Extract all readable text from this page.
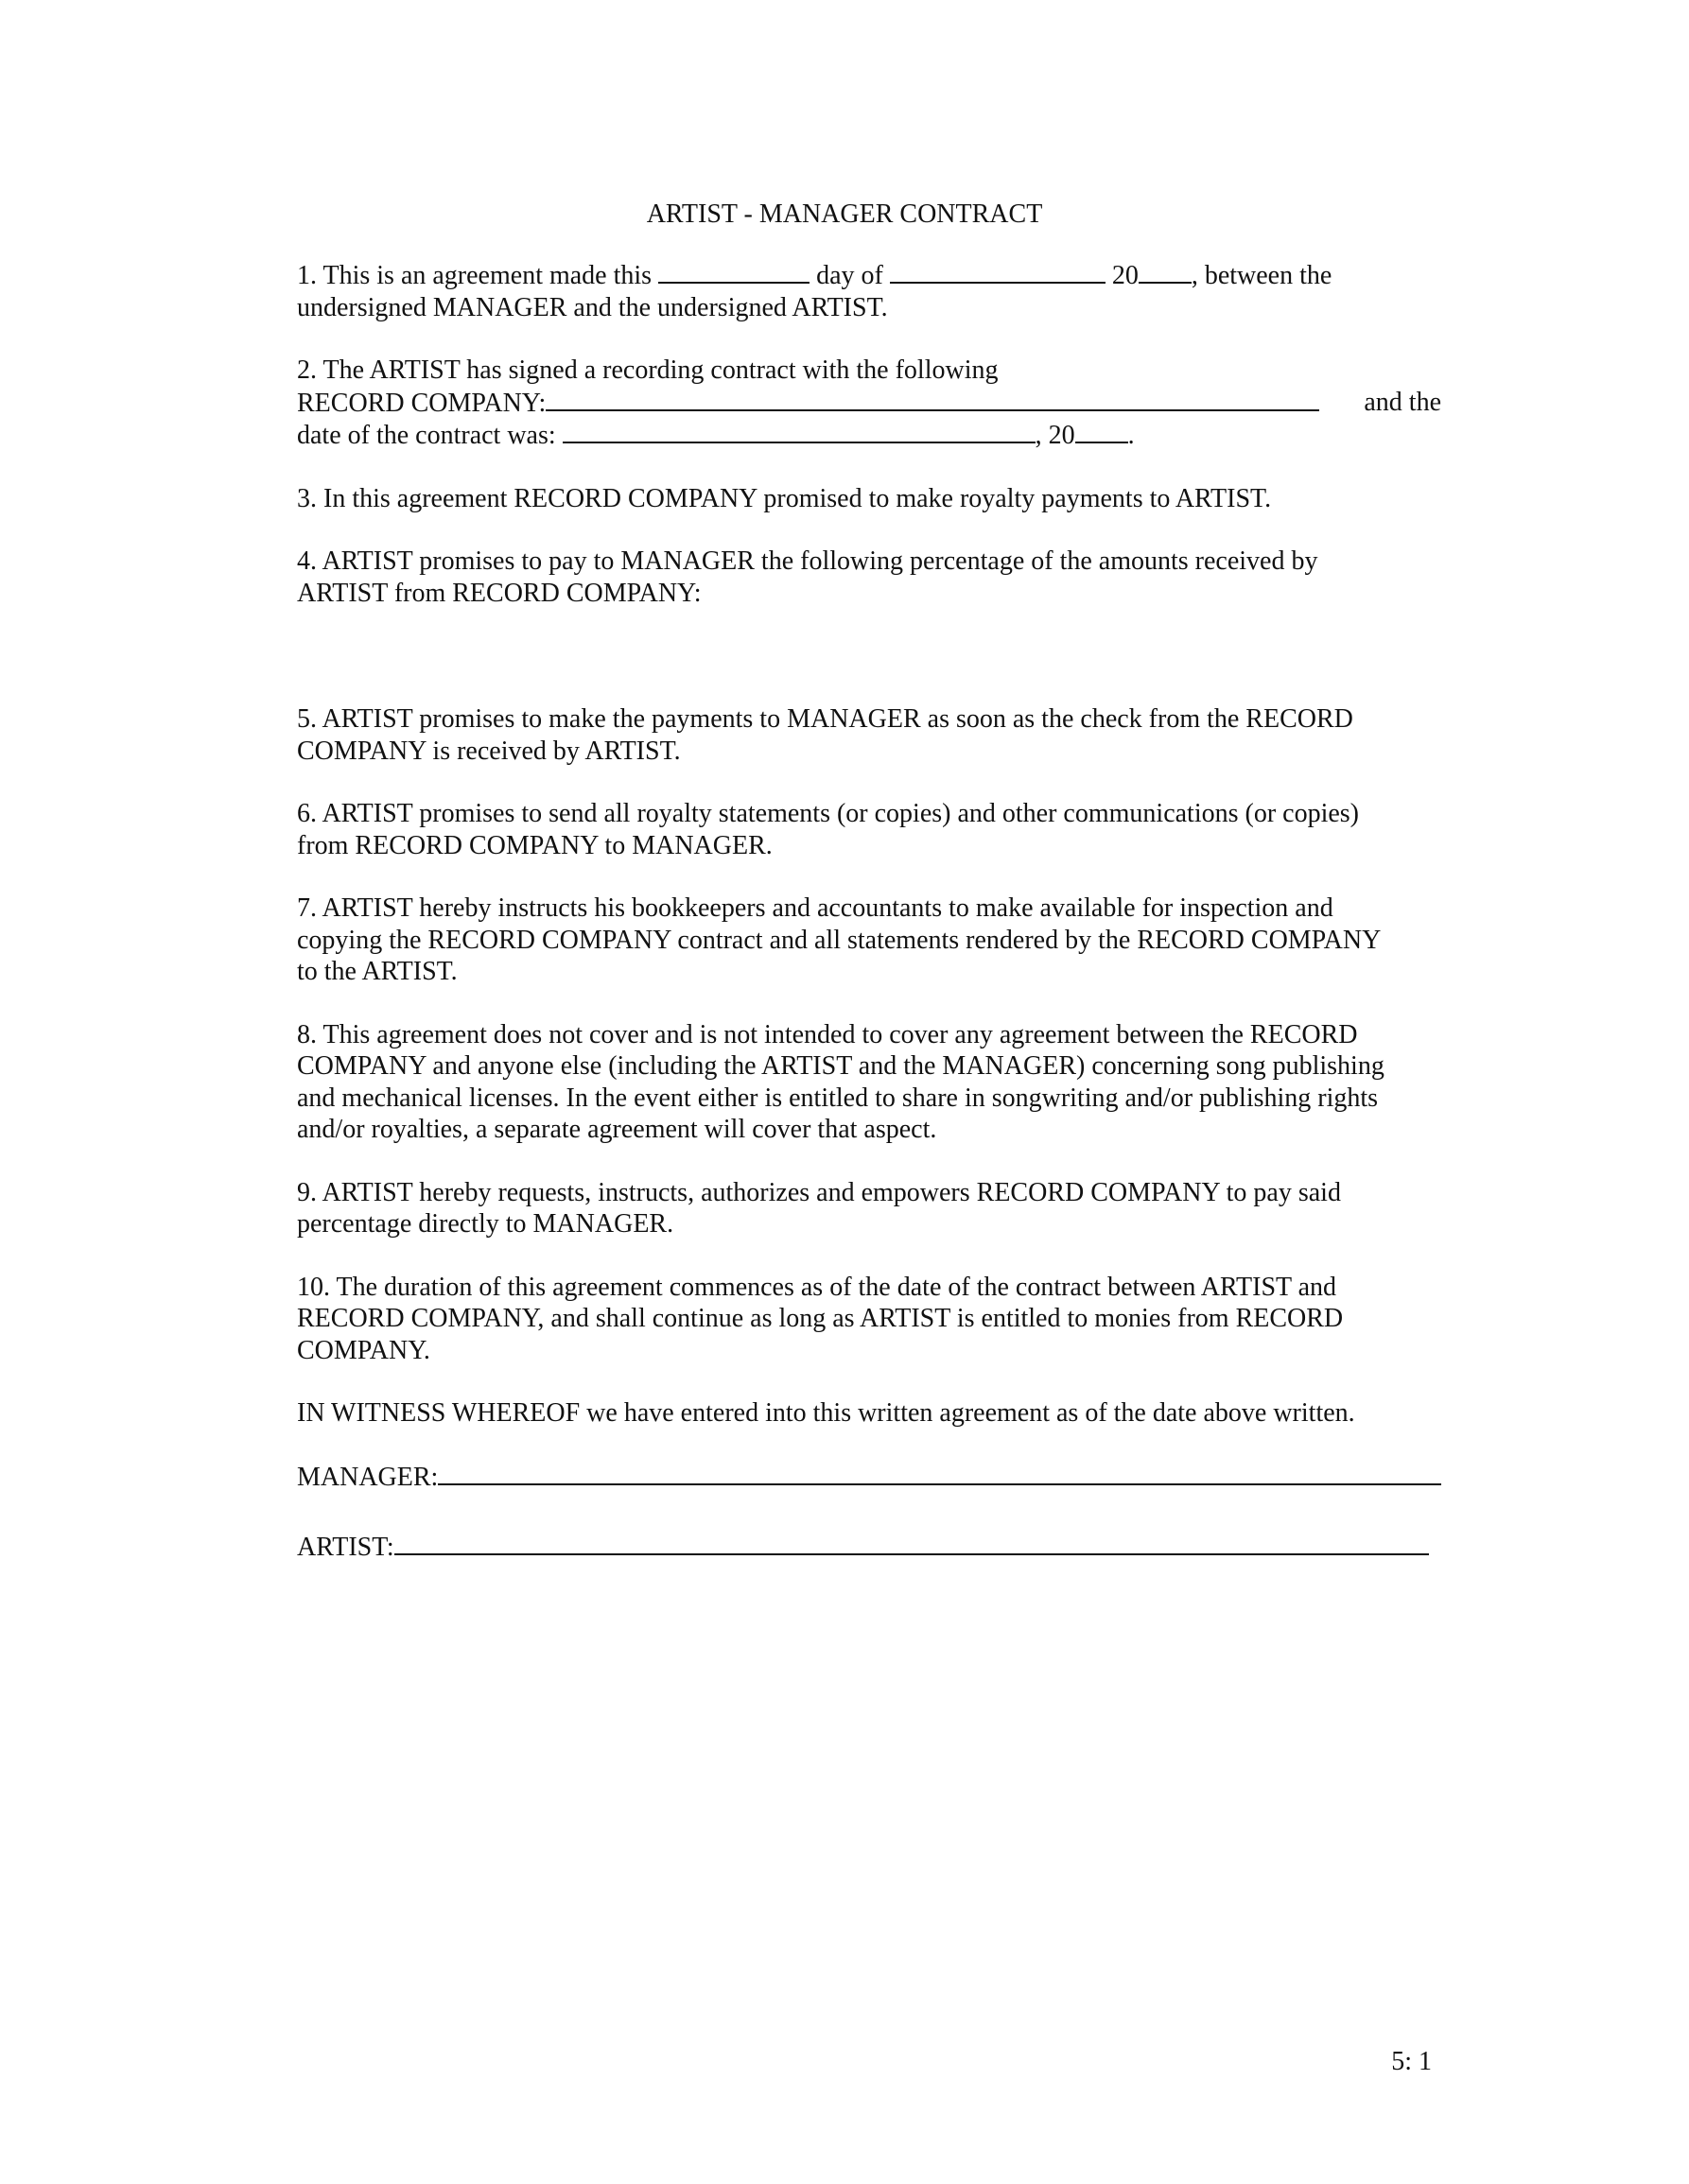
ARTIST - MANAGER CONTRACT
1. This is an agreement made this	day of	20 , between the
undersigned MANAGER and the undersigned ARTIST.
2. The ARTIST has signed a recording contract with the following
RECORD COMPANY:	and the
date of the contract was:	, 20 .
3. In this agreement RECORD COMPANY promised to make royalty payments to ARTIST.
4. ARTIST promises to pay to MANAGER the following percentage of the amounts received by
ARTIST from RECORD COMPANY:
5. ARTIST promises to make the payments to MANAGER as soon as the check from the RECORD
COMPANY is received by ARTIST.
6. ARTIST promises to send all royalty statements (or copies) and other communications (or copies)
from RECORD COMPANY to MANAGER.
7. ARTIST hereby instructs his bookkeepers and accountants to make available for inspection and
copying the RECORD COMPANY contract and all statements rendered by the RECORD COMPANY
to the ARTIST.
8. This agreement does not cover and is not intended to cover any agreement between the RECORD
COMPANY and anyone else (including the ARTIST and the MANAGER) concerning song publishing
and mechanical licenses. In the event either is entitled to share in songwriting and/or publishing rights
and/or royalties, a separate agreement will cover that aspect.
9. ARTIST hereby requests, instructs, authorizes and empowers RECORD COMPANY to pay said
percentage directly to MANAGER.
10. The duration of this agreement commences as of the date of the contract between ARTIST and
RECORD COMPANY, and shall continue as long as ARTIST is entitled to monies from RECORD
COMPANY.
IN WITNESS WHEREOF we have entered into this written agreement as of the date above written.
MANAGER:
ARTIST:
5: 1
